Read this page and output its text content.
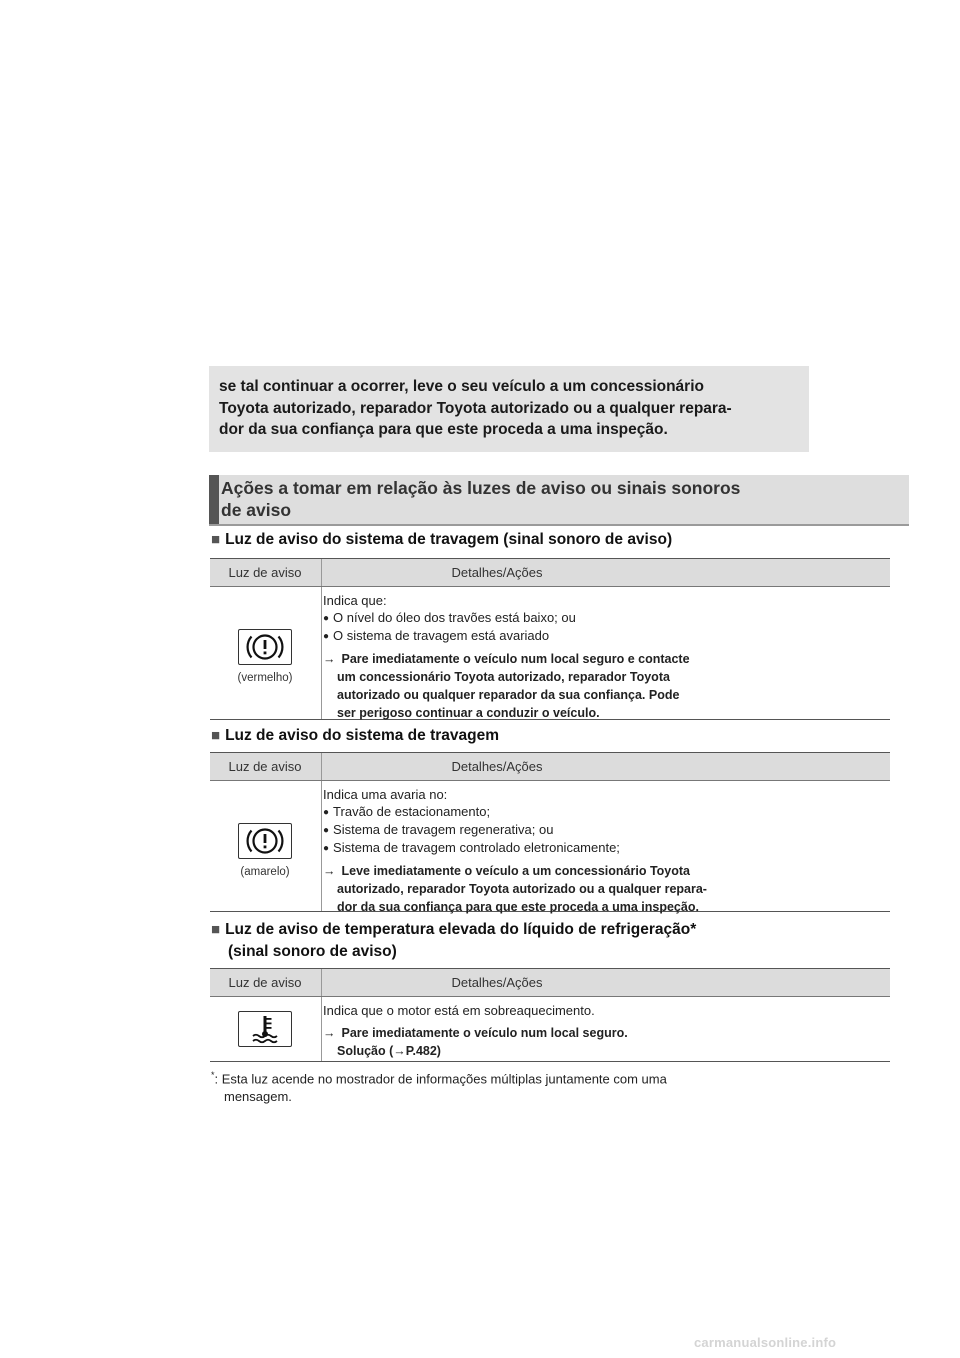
se tal continuar a ocorrer, leve o seu veículo a um concessionário
Toyota autorizado, reparador Toyota autorizado ou a qualquer repara-
dor da sua confiança para que este proceda a uma inspeção.
Ações a tomar em relação às luzes de aviso ou sinais sonoros
de aviso
■ Luz de aviso do sistema de travagem (sinal sonoro de aviso)
Luz de aviso	Detalhes/Ações
(vermelho)
Indica que:
● O nível do óleo dos travões está baixo; ou
● O sistema de travagem está avariado
→ Pare imediatamente o veículo num local seguro e contacte
um concessionário Toyota autorizado, reparador Toyota
autorizado ou qualquer reparador da sua confiança. Pode
ser perigoso continuar a conduzir o veículo.
■ Luz de aviso do sistema de travagem
Luz de aviso	Detalhes/Ações
(amarelo)
Indica uma avaria no:
● Travão de estacionamento;
● Sistema de travagem regenerativa; ou
● Sistema de travagem controlado eletronicamente;
→ Leve imediatamente o veículo a um concessionário Toyota
autorizado, reparador Toyota autorizado ou a qualquer repara-
dor da sua confiança para que este proceda a uma inspeção.
■ Luz de aviso de temperatura elevada do líquido de refrigeração*
(sinal sonoro de aviso)
Luz de aviso	Detalhes/Ações
Indica que o motor está em sobreaquecimento.
→ Pare imediatamente o veículo num local seguro.
Solução (→P.482)
*: Esta luz acende no mostrador de informações múltiplas juntamente com uma
mensagem.
carmanualsonline.info
